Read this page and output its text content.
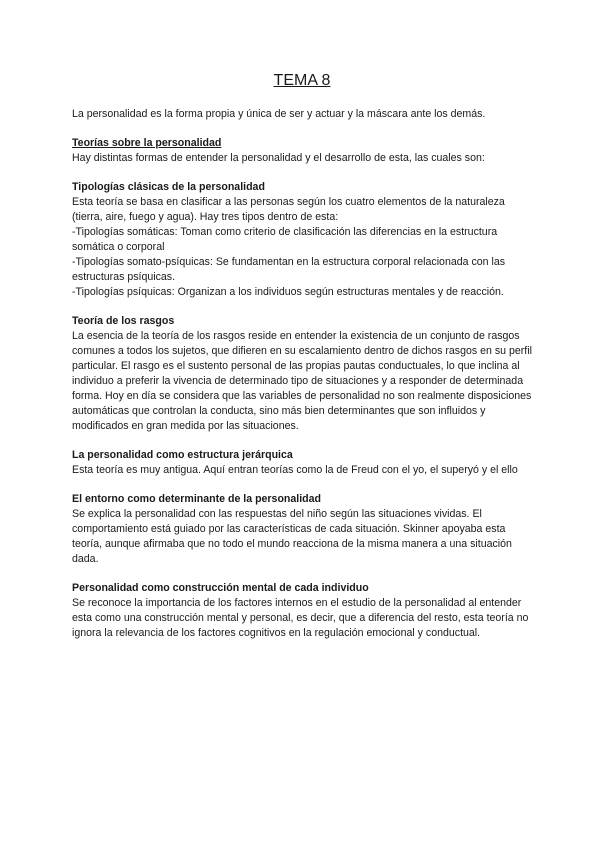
TEMA 8

La personalidad es la forma propia y única de ser y actuar y la máscara ante los demás.

Teorías sobre la personalidad

Hay distintas formas de entender la personalidad y el desarrollo de esta, las cuales son:

Tipologías clásicas de la personalidad

Esta teoría se basa en clasificar a las personas según los cuatro elementos de la naturaleza (tierra, aire, fuego y agua). Hay tres tipos dentro de esta:

-Tipologías somáticas: Toman como criterio de clasificación las diferencias en la estructura somática o corporal

-Tipologías somato-psíquicas: Se fundamentan en la estructura corporal relacionada con las estructuras psíquicas.

-Tipologías psíquicas: Organizan a los individuos según estructuras mentales y de reacción.

Teoría de los rasgos

La esencia de la teoría de los rasgos reside en entender la existencia de un conjunto de rasgos comunes a todos los sujetos, que difieren en su escalamiento dentro de dichos rasgos en su perfil particular. El rasgo es el sustento personal de las propias pautas conductuales, lo que inclina al individuo a preferir la vivencia de determinado tipo de situaciones y a responder de determinada forma. Hoy en día se considera que las variables de personalidad no son realmente disposiciones automáticas que controlan la conducta, sino más bien determinantes que son influidos y modificados en gran medida por las situaciones.

La personalidad como estructura jerárquica

Esta teoría es muy antigua. Aquí entran teorías como la de Freud con el yo, el superyó y el ello

El entorno como determinante de la personalidad

Se explica la personalidad con las respuestas del niño según las situaciones vividas. El comportamiento está guiado por las características de cada situación. Skinner apoyaba esta teoría, aunque afirmaba que no todo el mundo reacciona de la misma manera a una situación dada.

Personalidad como construcción mental de cada individuo

Se reconoce la importancia de los factores internos en el estudio de la personalidad al entender esta como una construcción mental y personal, es decir, que a diferencia del resto, esta teoría no ignora la relevancia de los factores cognitivos en la regulación emocional y conductual.
